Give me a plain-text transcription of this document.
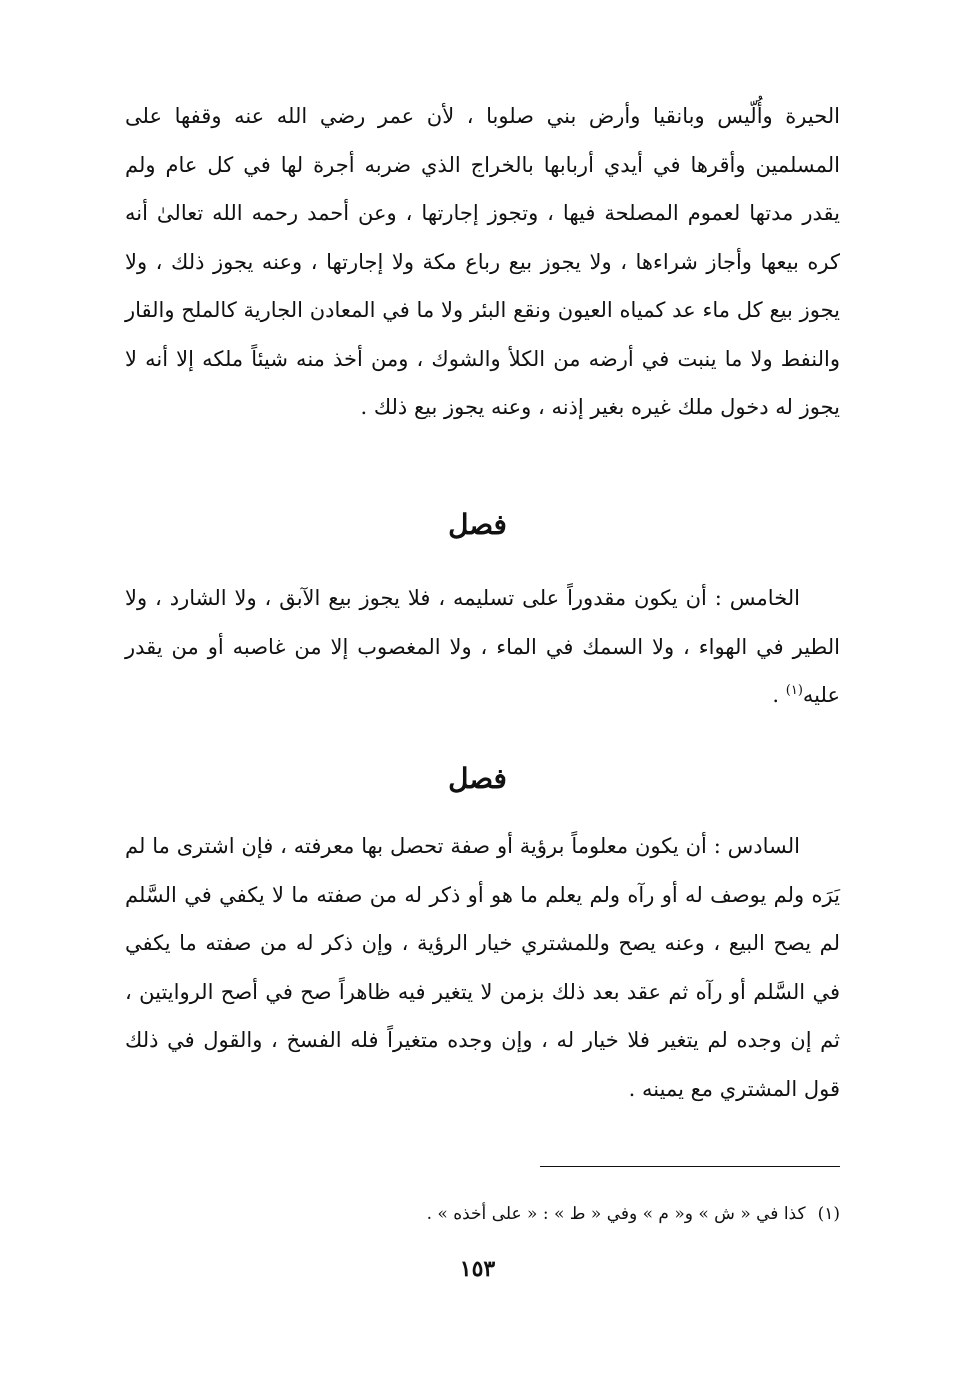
الحيرة وأُلّيس وبانقيا وأرض بني صلوبا ، لأن عمر رضي الله عنه وقفها على المسلمين وأقرها في أيدي أربابها بالخراج الذي ضربه أجرة لها في كل عام ولم يقدر مدتها لعموم المصلحة فيها ، وتجوز إجارتها ، وعن أحمد رحمه الله تعالىٰ أنه كره بيعها وأجاز شراءها ، ولا يجوز بيع رباع مكة ولا إجارتها ، وعنه يجوز ذلك ، ولا يجوز بيع كل ماء عد كمياه العيون ونقع البئر ولا ما في المعادن الجارية كالملح والقار والنفط ولا ما ينبت في أرضه من الكلأ والشوك ، ومن أخذ منه شيئاً ملكه إلا أنه لا يجوز له دخول ملك غيره بغير إذنه ، وعنه يجوز بيع ذلك .

فصل

الخامس : أن يكون مقدوراً على تسليمه ، فلا يجوز بيع الآبق ، ولا الشارد ، ولا الطير في الهواء ، ولا السمك في الماء ، ولا المغصوب إلا من غاصبه أو من يقدر عليه$^{(١)}$ .

فصل

السادس : أن يكون معلوماً برؤية أو صفة تحصل بها معرفته ، فإن اشترى ما لم يَرَه ولم يوصف له أو رآه ولم يعلم ما هو أو ذكر له من صفته ما لا يكفي في السَّلم لم يصح البيع ، وعنه يصح وللمشتري خيار الرؤية ، وإن ذكر له من صفته ما يكفي في السَّلم أو رآه ثم عقد بعد ذلك بزمن لا يتغير فيه ظاهراً صح في أصح الروايتين ، ثم إن وجده لم يتغير فلا خيار له ، وإن وجده متغيراً فله الفسخ ، والقول في ذلك قول المشتري مع يمينه .

(١)كذا في « ش » و« م » وفي « ط » : « على أخذه » .

١٥٣
